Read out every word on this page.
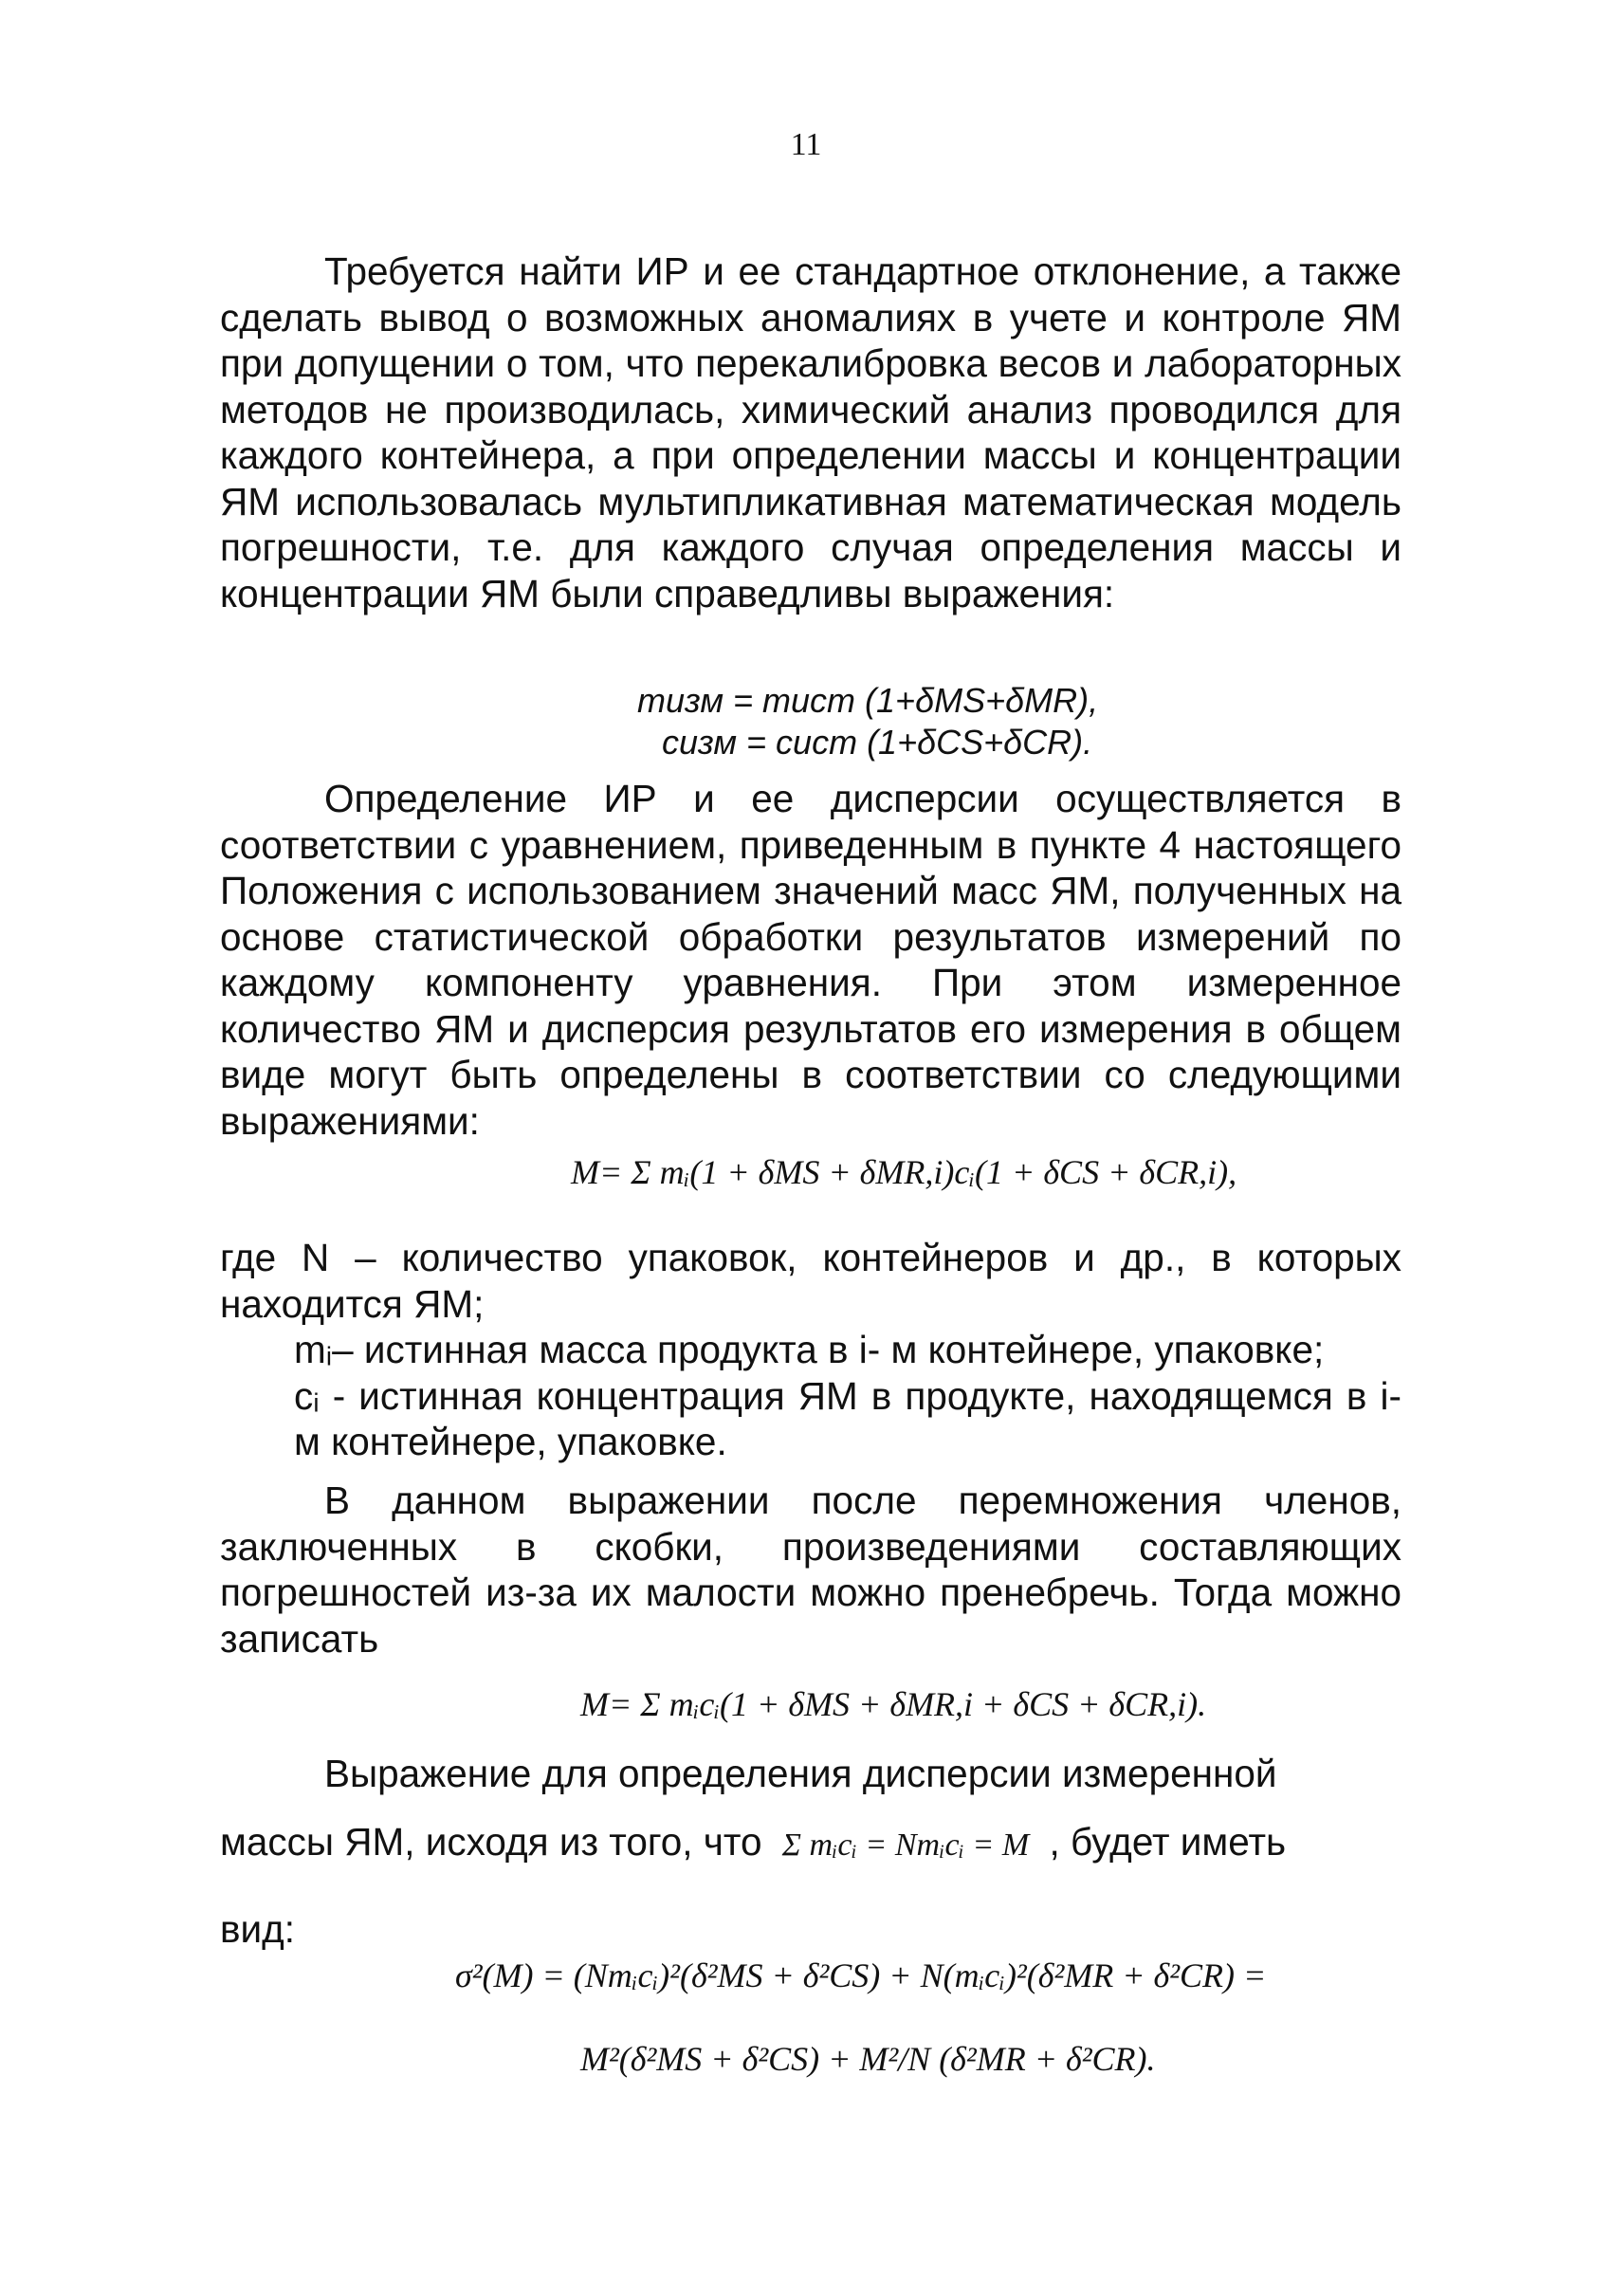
11

Требуется найти ИР и ее стандартное отклонение, а также сделать вывод о возможных аномалиях в учете и контроле ЯМ при допущении о том, что перекалибровка весов и лабораторных методов не производилась, химический анализ проводился для каждого контейнера, а при определении массы и концентрации ЯМ использовалась мультипликативная математическая модель погрешности, т.е. для каждого случая определения массы и концентрации ЯМ были справедливы выражения:

mизм = mист (1+δMS+δMR),
cизм = cист (1+δCS+δCR).

Определение ИР и ее дисперсии осуществляется в соответствии с уравнением, приведенным в пункте 4 настоящего Положения с использованием значений масс ЯМ, полученных на основе статистической обработки результатов измерений по каждому компоненту уравнения. При этом измеренное количество ЯМ и дисперсия результатов его измерения в общем виде могут быть определены в соответствии со следующими выражениями:

M= Σ mᵢ(1 + δMS + δMR,i)cᵢ(1 + δCS + δCR,i),

где N – количество упаковок, контейнеров и др., в которых находится ЯМ;

mᵢ– истинная масса продукта в i- м контейнере, упаковке;

cᵢ - истинная концентрация ЯМ в продукте, находящемся в i- м контейнере, упаковке.

В данном выражении после перемножения членов, заключенных в скобки, произведениями составляющих погрешностей из-за их малости можно пренебречь. Тогда можно записать

M= Σ mᵢcᵢ(1 + δMS + δMR,i + δCS + δCR,i).

Выражение для определения дисперсии измеренной

массы ЯМ, исходя из того, что Σ mᵢcᵢ = Nmᵢcᵢ = M , будет иметь
вид:
σ²(M) = (Nmᵢcᵢ)²(δ²MS + δ²CS) + N(mᵢcᵢ)²(δ²MR + δ²CR) =
M²(δ²MS + δ²CS) + M²/N (δ²MR + δ²CR).
